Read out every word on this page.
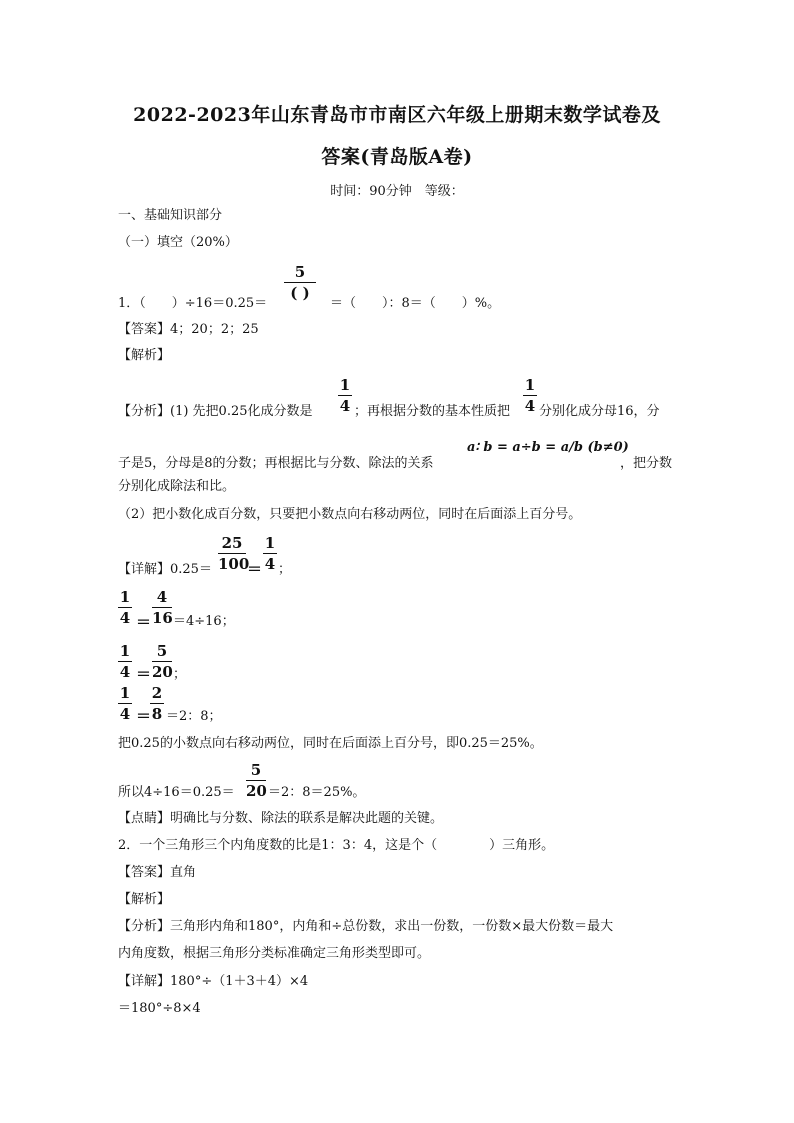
2022-2023年山东青岛市市南区六年级上册期末数学试卷及
答案(青岛版A卷)
时间：90分钟　等级：
一、基础知识部分
（一）填空（20%）
1．（　　）÷16＝0.25＝
5
( )
＝（　　）：8＝（　　）%。
【答案】4；20；2；25
【解析】
【分析】(1) 先把0.25化成分数是
1
4 ；再根据分数的基本性质把
1
4 分别化成分母16，分
子是5，分母是8的分数；再根据比与分数、除法的关系
a∶ b = a÷b = a/b (b≠0)
，把分数
分别化成除法和比。
（2）把小数化成百分数，只要把小数点向右移动两位，同时在后面添上百分号。
【详解】0.25＝
25
100
＝
1
4 ；
1
4 ＝
4
16 ＝4÷16；
1
4 ＝
5
20 ；
1
4 ＝
2
8 ＝2：8；
把0.25的小数点向右移动两位，同时在后面添上百分号，即0.25＝25%。
所以4÷16＝0.25＝
5
20 ＝2：8＝25%。
【点睛】明确比与分数、除法的联系是解决此题的关键。
2．一个三角形三个内角度数的比是1：3：4，这是个（　　　　）三角形。
【答案】直角
【解析】
【分析】三角形内角和180°，内角和÷总份数，求出一份数，一份数×最大份数＝最大
内角度数，根据三角形分类标准确定三角形类型即可。
【详解】180°÷（1＋3＋4）×4
＝180°÷8×4
